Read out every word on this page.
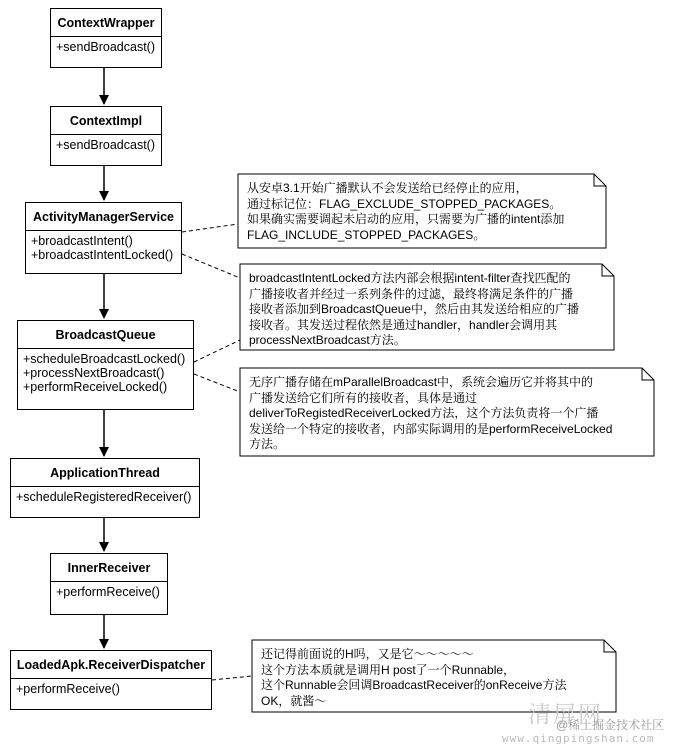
ContextWrapper
+sendBroadcast()
ContextImpl
+sendBroadcast()
ActivityManagerService
+broadcastIntent()
+broadcastIntentLocked()
BroadcastQueue
+scheduleBroadcastLocked()
+processNextBroadcast()
+performReceiveLocked()
ApplicationThread
+scheduleRegisteredReceiver()
InnerReceiver
+performReceive()
LoadedApk.ReceiverDispatcher
+performReceive()
从安卓3.1开始广播默认不会发送给已经停止的应用，
通过标记位：FLAG_EXCLUDE_STOPPED_PACKAGES。
如果确实需要调起未启动的应用，只需要为广播的intent添加
FLAG_INCLUDE_STOPPED_PACKAGES。
broadcastIntentLocked方法内部会根据intent-filter查找匹配的
广播接收者并经过一系列条件的过滤，最终将满足条件的广播
接收者添加到BroadcastQueue中，然后由其发送给相应的广播
接收者。其发送过程依然是通过handler，handler会调用其
processNextBroadcast方法。
无序广播存储在mParallelBroadcast中，系统会遍历它并将其中的
广播发送给它们所有的接收者，具体是通过
deliverToRegistedReceiverLocked方法，这个方法负责将一个广播
发送给一个特定的接收者，内部实际调用的是performReceiveLocked
方法。
还记得前面说的H吗，又是它～～～～～
这个方法本质就是调用H post了一个Runnable，
这个Runnable会回调BroadcastReceiver的onReceive方法
OK，就酱～
清屏网
@稀土掘金技术社区
www.qingpingshan.com
